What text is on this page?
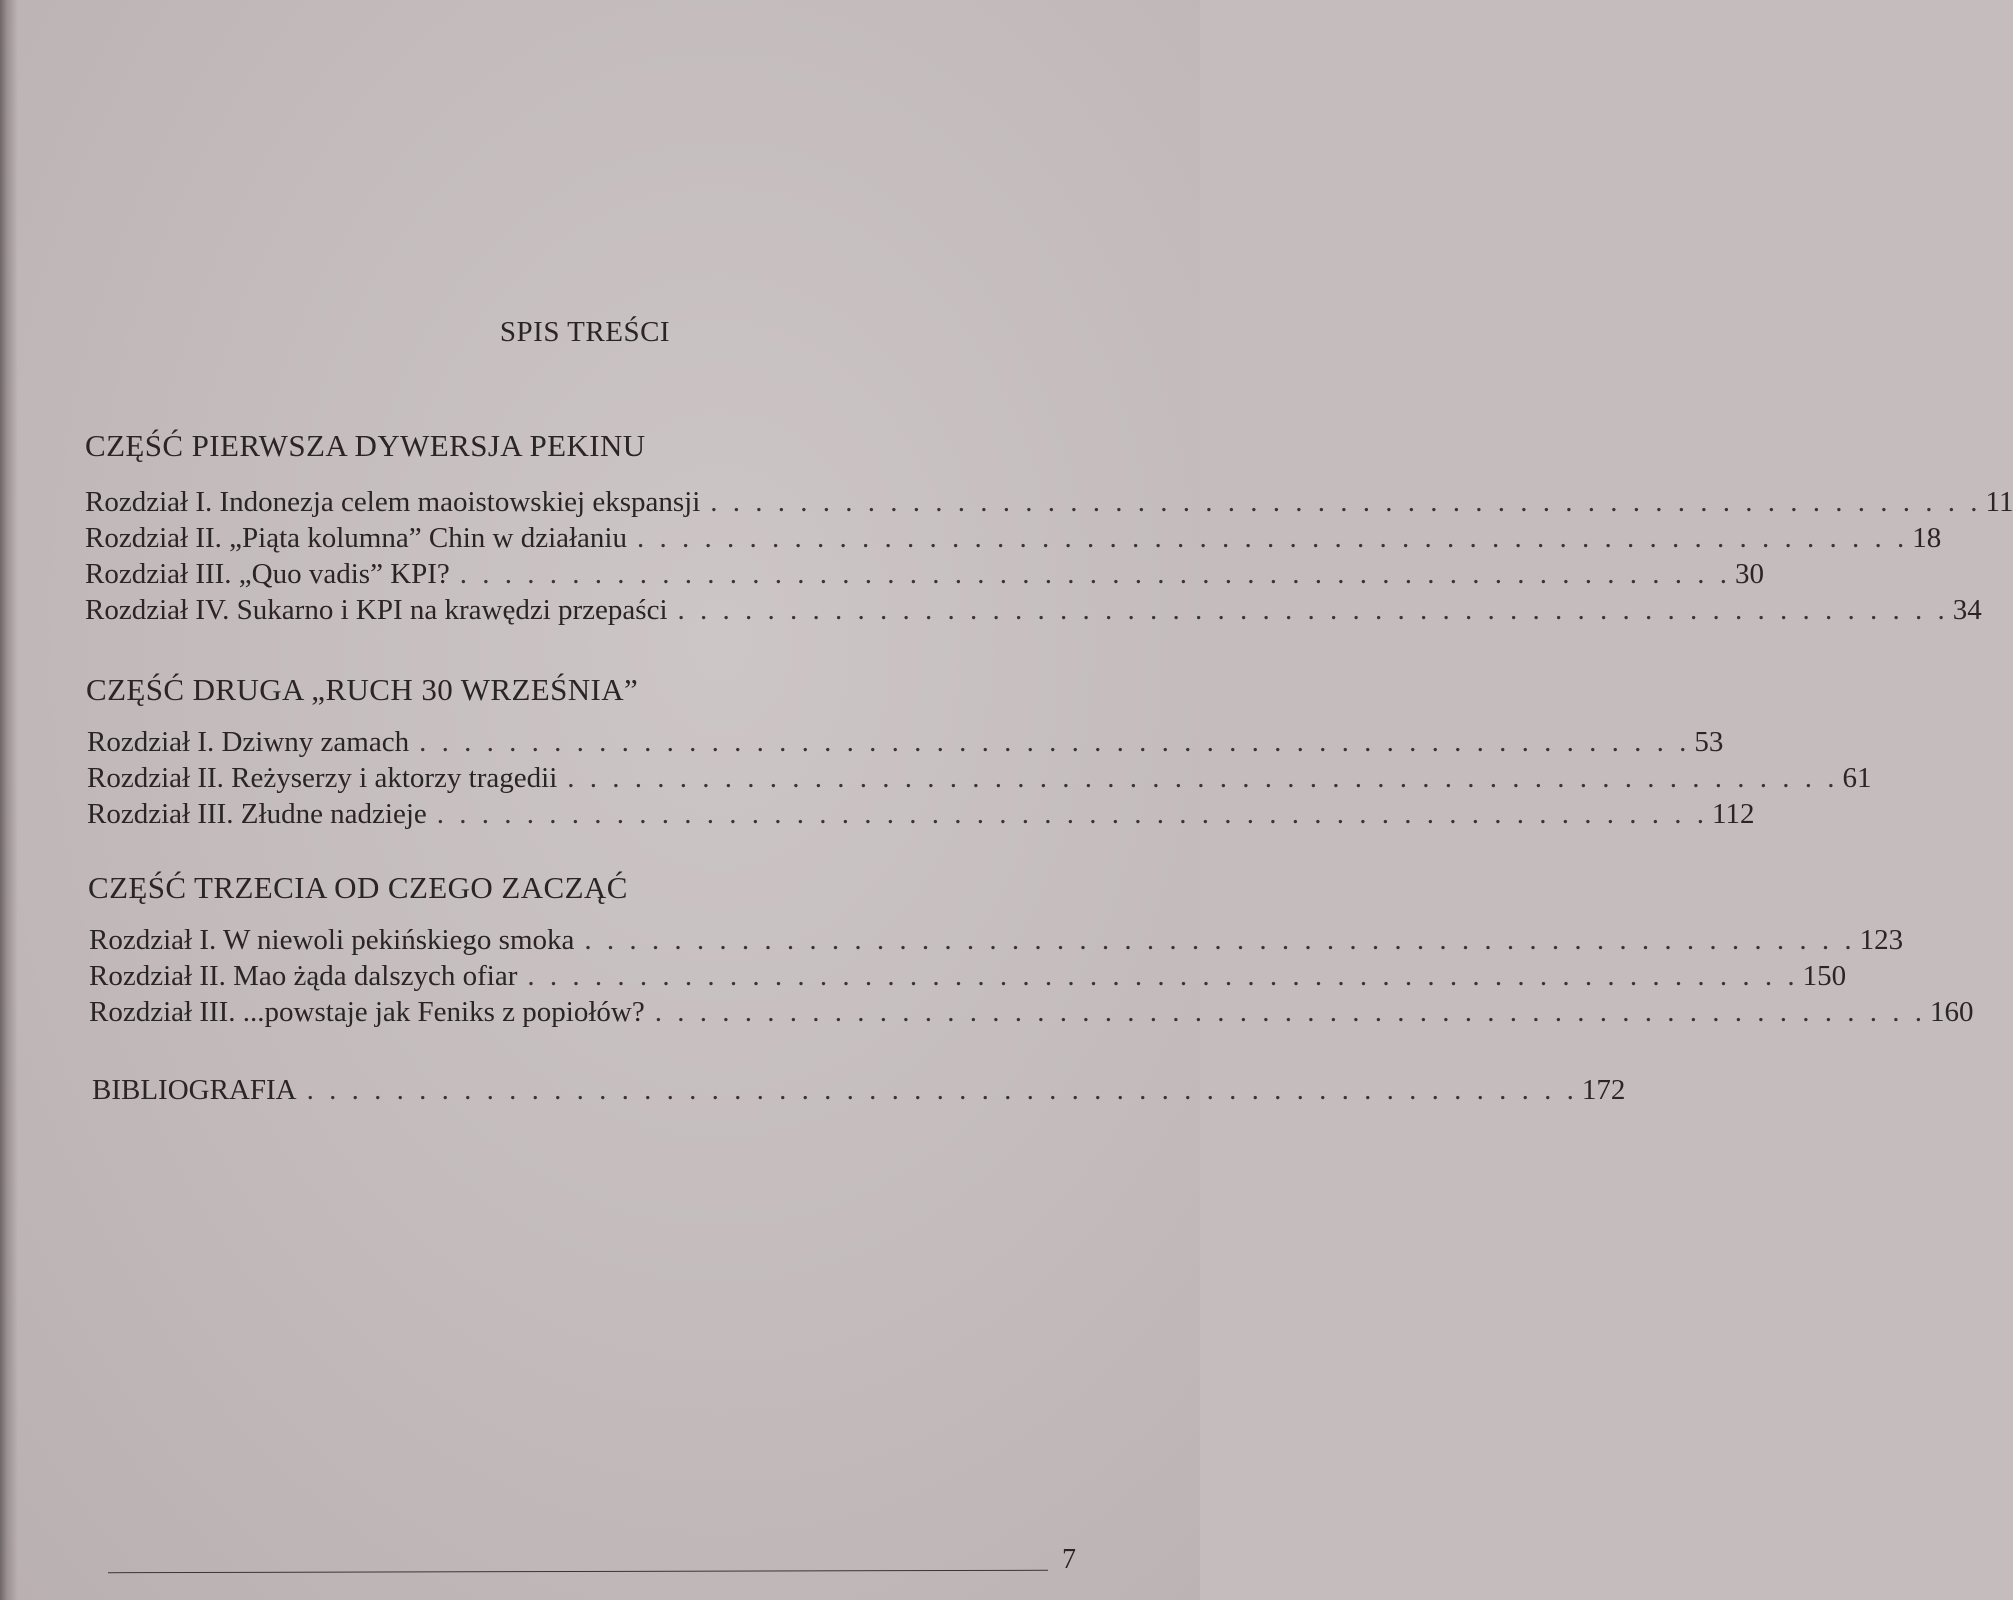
SPIS TREŚCI
CZĘŚĆ PIERWSZA DYWERSJA PEKINU
Rozdział I. Indonezja celem maoistowskiej ekspansji . . . . . . . . . . . . . . . . . . . . . . . . . . . . . . . . . . . . . . . . . . . . . . . . . . . . . . . . . 11
Rozdział II. „Piąta kolumna” Chin w działaniu . . . . . . . . . . . . . . . . . . . . . . . . . . . . . . . . . . . . . . . . . . . . . . . . . . . . . . . . . 18
Rozdział III. „Quo vadis” KPI? . . . . . . . . . . . . . . . . . . . . . . . . . . . . . . . . . . . . . . . . . . . . . . . . . . . . . . . . . 30
Rozdział IV. Sukarno i KPI na krawędzi przepaści . . . . . . . . . . . . . . . . . . . . . . . . . . . . . . . . . . . . . . . . . . . . . . . . . . . . . . . . . 34
CZĘŚĆ DRUGA „RUCH 30 WRZEŚNIA”
Rozdział I. Dziwny zamach . . . . . . . . . . . . . . . . . . . . . . . . . . . . . . . . . . . . . . . . . . . . . . . . . . . . . . . . . 53
Rozdział II. Reżyserzy i aktorzy tragedii . . . . . . . . . . . . . . . . . . . . . . . . . . . . . . . . . . . . . . . . . . . . . . . . . . . . . . . . . 61
Rozdział III. Złudne nadzieje . . . . . . . . . . . . . . . . . . . . . . . . . . . . . . . . . . . . . . . . . . . . . . . . . . . . . . . . . 112
CZĘŚĆ TRZECIA OD CZEGO ZACZĄĆ
Rozdział I. W niewoli pekińskiego smoka . . . . . . . . . . . . . . . . . . . . . . . . . . . . . . . . . . . . . . . . . . . . . . . . . . . . . . . . . 123
Rozdział II. Mao żąda dalszych ofiar . . . . . . . . . . . . . . . . . . . . . . . . . . . . . . . . . . . . . . . . . . . . . . . . . . . . . . . . . 150
Rozdział III. ...powstaje jak Feniks z popiołów? . . . . . . . . . . . . . . . . . . . . . . . . . . . . . . . . . . . . . . . . . . . . . . . . . . . . . . . . . 160
BIBLIOGRAFIA . . . . . . . . . . . . . . . . . . . . . . . . . . . . . . . . . . . . . . . . . . . . . . . . . . . . . . . . . 172
7
